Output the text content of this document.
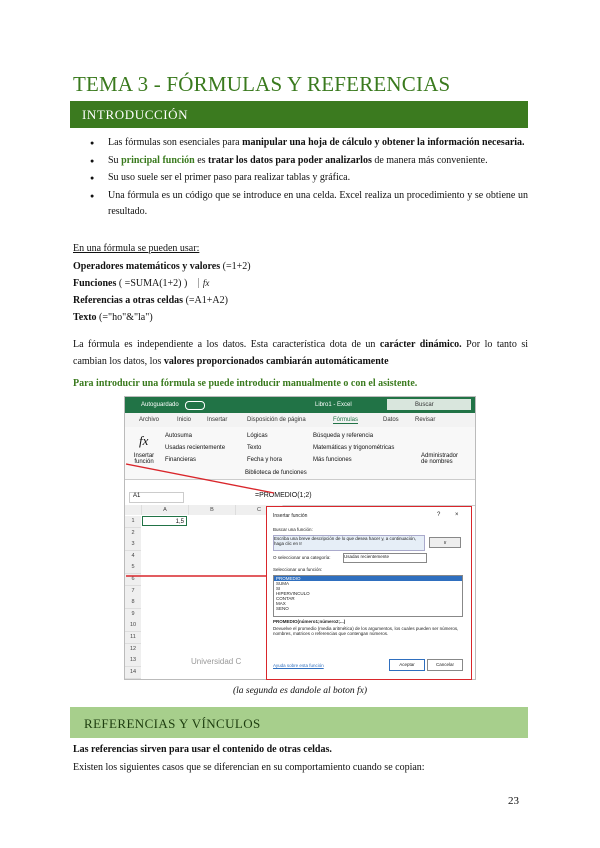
TEMA 3 - FÓRMULAS Y REFERENCIAS
INTRODUCCIÓN
● Las fórmulas son esenciales para manipular una hoja de cálculo y obtener la información necesaria.
● Su principal función es tratar los datos para poder analizarlos de manera más conveniente.
● Su uso suele ser el primer paso para realizar tablas y gráfica.
● Una fórmula es un código que se introduce en una celda. Excel realiza un procedimiento y se obtiene un resultado.
En una fórmula se pueden usar:
Operadores matemáticos y valores (=1+2)
Funciones ( =SUMA(1+2) ) fx
Referencias a otras celdas (=A1+A2)
Texto (="ho"&"la")
La fórmula es independiente a los datos. Esta característica dota de un carácter dinámico. Por lo tanto si cambian los datos, los valores proporcionados cambiarán automáticamente
Para introducir una fórmula se puede introducir manualmente o con el asistente.
Autoguardado	Libro1 - Excel	Buscar
Archivo	Inicio	Insertar	Disposición de página	Fórmulas	Datos	Revisar
fx
Insertar función
Autosuma
Usadas recientemente
Financieras
Lógicas
Texto
Fecha y hora
Búsqueda y referencia
Matemáticas y trigonométricas
Más funciones
Biblioteca de funciones
Administrador de nombres
A1	=PROMEDIO(1;2)
A	B	C
1
2
3
4
5
6
7
8
9
10
11
12
13
14
1,5
Universidad C
Insertar función	? ×
Buscar una función:
Escriba una breve descripción de lo que desea hacer y, a continuación, haga clic en Ir	Ir
O seleccionar una categoría:	Usadas recientemente
Seleccionar una función:
PROMEDIO
SUMA
SI
HIPERVINCULO
CONTAR
MAX
SENO
PROMEDIO(número1;número2;...)
Devuelve el promedio (media aritmética) de los argumentos, los cuales pueden ser números, nombres, matrices o referencias que contengan números.
Ayuda sobre esta función	Aceptar	Cancelar
(la segunda es dandole al boton fx)
REFERENCIAS Y VÍNCULOS
Las referencias sirven para usar el contenido de otras celdas.
Existen los siguientes casos que se diferencian en su comportamiento cuando se copian:
23
